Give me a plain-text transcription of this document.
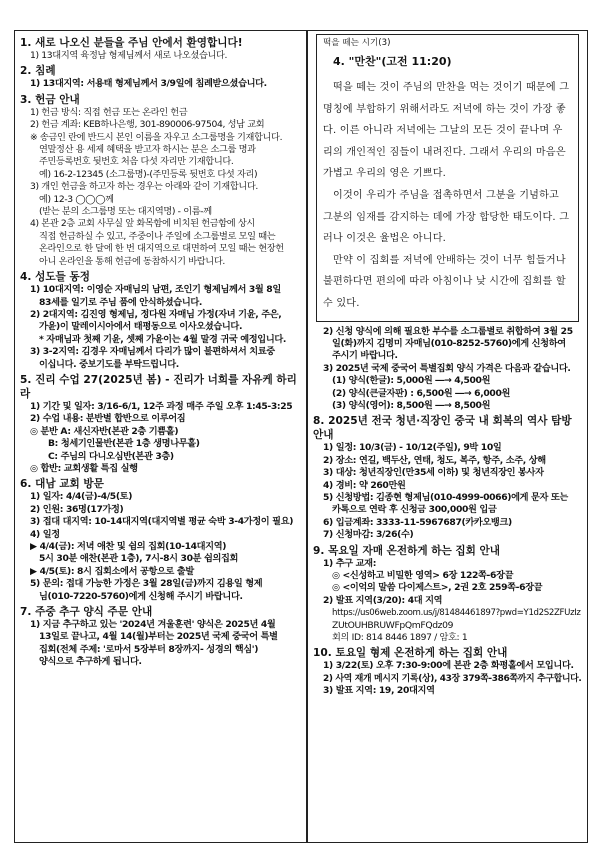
1. 새로 나오신 분들을 주님 안에서 환영합니다!
1) 13대지역 육정남 형제님께서 새로 나오셨습니다.
2. 침례
1) 13대지역: 서용태 형제님께서 3/9일에 침례받으셨습니다.
3. 헌금 안내
1) 헌금 방식: 직접 헌금 또는 온라인 헌금
2) 헌금 계좌: KEB하나은행, 301-890006-97504, 성남 교회
※ 송금인 란에 반드시 본인 이름을 자우고 소그룹명을 기재합니다.
연말정산 용 세제 혜택을 받고자 하시는 분은 소그룹 명과
주민등록번호 뒷번호 처음 다섯 자리만 기재합니다.
예) 16-2-12345 (소그룹명)-(주민등록 뒷번호 다섯 자리)
3) 개인 헌금을 하고자 하는 경우는 아래와 같이 기재합니다.
예) 12-3 ◯◯◯께
(받는 분의 소그룹명 또는 대지역명) - 이름-께
4) 본관 2층 교회 사무실 앞 화목함에 비치된 헌금함에 상시
직접 헌금하실 수 있고, 주중이나 주일에 소그룹별로 모일 때는
온라인으로 한 달에 한 번 대지역으로 대면하여 모일 때는 현장헌
아니 온라인을 통해 헌금에 동참하시기 바랍니다.
4. 성도들 동정
1) 10대지역: 이영순 자매님의 남편, 조인기 형제님께서 3월 8일
83세를 일기로 주님 품에 안식하셨습니다.
2) 2대지역: 김진영 형제님, 정다원 자매님 가정(자녀 기윤, 주은,
가윤)이 말레이시아에서 태평동으로 이사오셨습니다.
* 자매님과 첫째 기윤, 셋째 가윤이는 4월 말경 귀국 예정입니다.
3) 3-2지역: 김경우 자매님께서 다리가 많이 불편하셔서 치료중
이십니다. 중보기도를 부탁드립니다.
5. 진리 수업 27(2025년 봄) - 진리가 너희를 자유케 하리라
1) 기간 및 일자: 3/16-6/1, 12주 과정 매주 주일 오후 1:45-3:25
2) 수업 내용: 분반별 합반으로 이루어짐
◎ 분반 A: 새신자반(본관 2층 기쁨홀)
B: 청세기인물반(본관 1층 생명나무홀)
C: 주님의 다니오심반(본관 3층)
◎ 합반: 교회생활 특집 실행
6. 대남 교회 방문
1) 일자: 4/4(금)-4/5(토)
2) 인원: 36명(17가정)
3) 접대 대지역: 10-14대지역(대지역별 평균 숙박 3-4가정이 필요)
4) 일정
▶ 4/4(금): 저녁 애찬 및 쉼의 집회(10-14대지역)
5시 30분 애찬(본관 1층), 7시-8시 30분 쉼의집회
▶ 4/5(토): 8시 집회소에서 공항으로 출발
5) 문의: 접대 가능한 가정은 3월 28일(금)까지 김용일 형제
님(010-7220-5760)에게 신청해 주시기 바랍니다.
7. 주중 추구 양식 주문 안내
1) 지금 추구하고 있는 '2024년 겨울훈련' 양식은 2025년 4월
13일로 끝나고, 4월 14(월)부터는 2025년 국제 중국어 특별
집회(전체 주제: '로마서 5장부터 8장까지- 성경의 핵심')
양식으로 추구하게 됩니다.
떡을 떼는 시기(3)
4. "만찬"(고전 11:20)
떡을 떼는 것이 주님의 만찬을 먹는 것이기 때문에 그 명칭에 부합하기 위해서라도 저녁에 하는 것이 가장 좋다. 이른 아니라 저녁에는 그날의 모든 것이 끝나며 우리의 개인적인 짐들이 내려진다. 그래서 우리의 마음은 가볍고 우리의 영은 기쁘다.
이것이 우리가 주님을 접촉하면서 그분을 기념하고 그분의 임재를 감지하는 데에 가장 합당한 태도이다. 그러나 이것은 율법은 아니다.
만약 이 집회를 저녁에 안배하는 것이 너무 힘들거나 불편하다면 편의에 따라 아침이나 낮 시간에 집회를 할 수 있다.
2) 신청 양식에 의해 필요한 부수를 소그룹별로 취합하여 3월 25
일(화)까지 김명미 자매님(010-8252-5760)에게 신청하여
주시기 바랍니다.
3) 2025년 국제 중국어 특별집회 양식 가격은 다음과 같습니다.
(1) 양식(한글): 5,000원 ―→ 4,500원
(2) 양식(큰글자판) : 6,500원 ―→ 6,000원
(3) 양식(영어): 8,500원 ―→ 8,500원
8. 2025년 전국 청년·직장인 중국 내 회복의 역사 탐방 안내
1) 일정: 10/3(금) - 10/12(주일), 9박 10일
2) 장소: 연길, 백두산, 연태, 청도, 복주, 항주, 소주, 상해
3) 대상: 청년직장인(만35세 이하) 및 청년직장인 봉사자
4) 경비: 약 260만원
5) 신청방법: 김종현 형제님(010-4999-0066)에게 문자 또는
카톡으로 연락 후 신청금 300,000원 입금
6) 입금계좌: 3333-11-5967687(카카오뱅크)
7) 신청마감: 3/26(수)
9. 목요일 자매 온전하게 하는 집회 안내
1) 추구 교재:
◎ <신성하고 비밀한 영역> 6장 122쪽-6장끝
◎ <이억의 말씀 다이제스트>, 2권 2호 259쪽-6장끝
2) 발표 지역(3/20): 4대 지역
https://us06web.zoom.us/j/81484461897?pwd=Y1d2S2ZFUzIz
ZUtOUHBRUWFpQmFQdz09
회의 ID: 814 8446 1897 / 암호: 1
10. 토요일 형제 온전하게 하는 집회 안내
1) 3/22(토) 오후 7:30-9:00에 본관 2층 화평홀에서 모입니다.
2) 사역 재개 메시지 기록(상), 43장 379쪽-386쪽까지 추구합니다.
3) 발표 지역: 19, 20대지역
